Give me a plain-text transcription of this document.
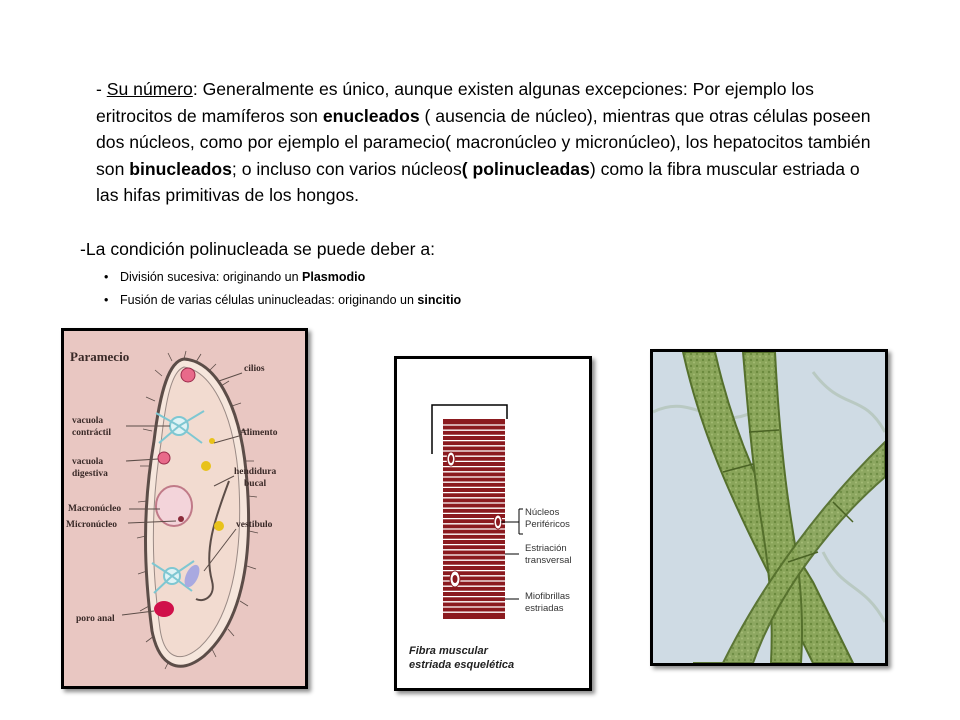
- Su número: Generalmente es único, aunque existen algunas excepciones: Por ejemplo los eritrocitos de mamíferos son enucleados ( ausencia de núcleo), mientras que otras células poseen dos núcleos, como por ejemplo el paramecio( macronúcleo y micronúcleo), los hepatocitos también son binucleados; o incluso con varios núcleos( polinucleadas) como la fibra muscular estriada o las hifas primitivas de los hongos.
-La condición polinucleada se puede deber a:
• División sucesiva: originando un Plasmodio
• Fusión de varias células uninucleadas: originando un sincitio
Paramecio
cilios
vacuola
contráctil	Alimento
vacuola
digestiva	hendidura
bucal
Macronúcleo
Micronúcleo	vestibulo
poro anal
Núcleos
Periféricos
Estriación
transversal
Miofibrillas
estriadas
Fibra muscular
estriada esquelética
